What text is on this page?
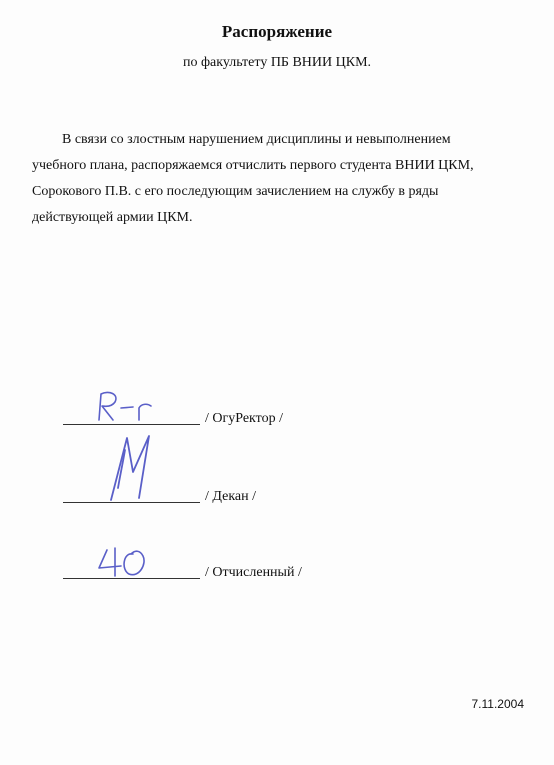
Распоряжение
по факультету ПБ ВНИИ ЦКМ.

В связи со злостным нарушением дисциплины и невыполнением учебного плана, распоряжаемся отчислить первого студента ВНИИ ЦКМ, Сорокового П.В. с его последующим зачислением на службу в ряды действующей армии ЦКМ.

/ ОгуРектор /
/ Декан /
/ Отчисленный /
7.11.2004
